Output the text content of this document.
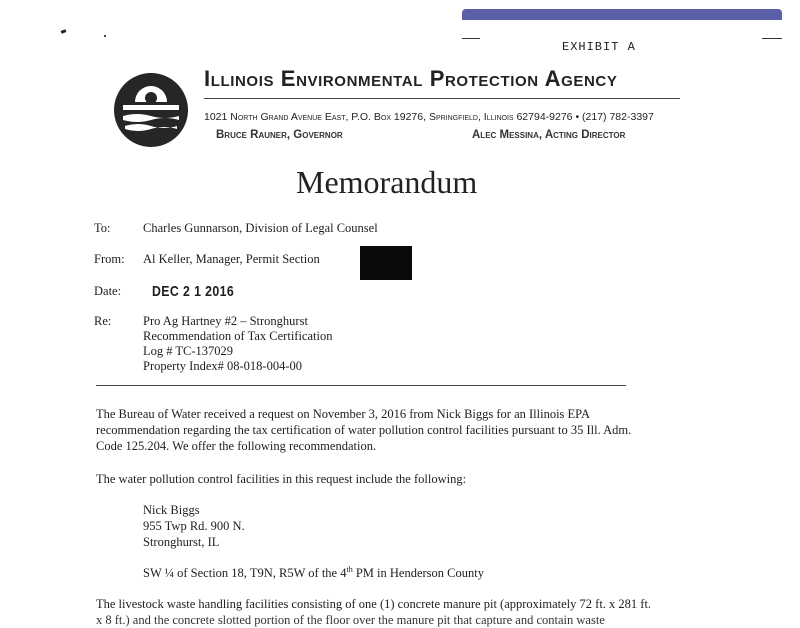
EXHIBIT A
Illinois Environmental Protection Agency
1021 North Grand Avenue East, P.O. Box 19276, Springfield, Illinois 62794-9276 • (217) 782-3397
Bruce Rauner, Governor	Alec Messina, Acting Director
Memorandum
To:	Charles Gunnarson, Division of Legal Counsel
From: Al Keller, Manager, Permit Section
Date: DEC 2 1 2016
Re:	Pro Ag Hartney #2 – Stronghurst
Recommendation of Tax Certification
Log # TC-137029
Property Index# 08-018-004-00
The Bureau of Water received a request on November 3, 2016 from Nick Biggs for an Illinois EPA
recommendation regarding the tax certification of water pollution control facilities pursuant to 35 Ill. Adm.
Code 125.204. We offer the following recommendation.
The water pollution control facilities in this request include the following:
Nick Biggs
955 Twp Rd. 900 N.
Stronghurst, IL
SW ¼ of Section 18, T9N, R5W of the 4th PM in Henderson County
The livestock waste handling facilities consisting of one (1) concrete manure pit (approximately 72 ft. x 281 ft.
x 8 ft.) and the concrete slotted portion of the floor over the manure pit that capture and contain waste
